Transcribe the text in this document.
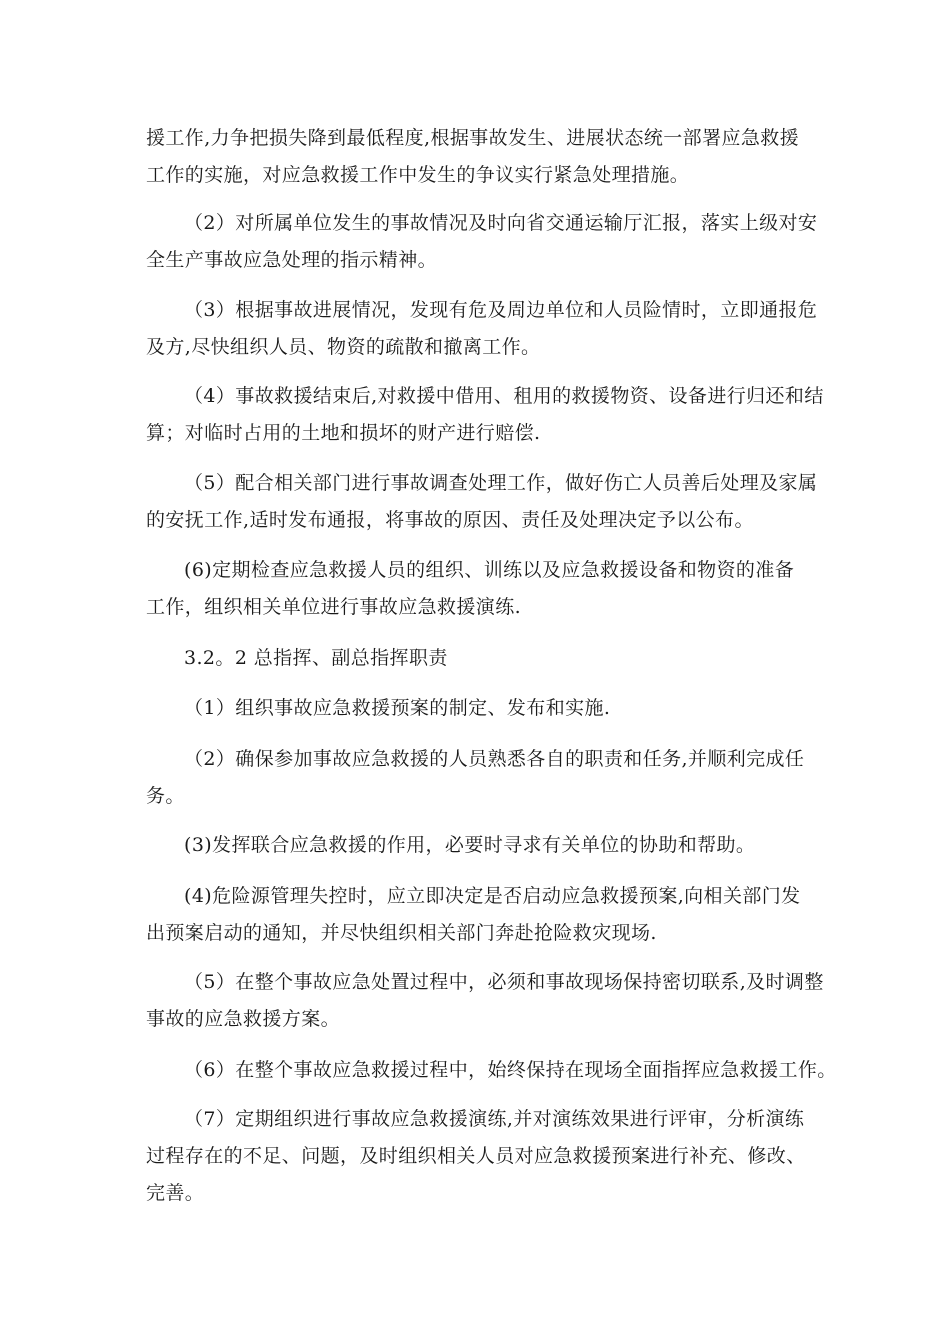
援工作,力争把损失降到最低程度,根据事故发生、进展状态统一部署应急救援
工作的实施，对应急救援工作中发生的争议实行紧急处理措施。

（2）对所属单位发生的事故情况及时向省交通运输厅汇报，落实上级对安
全生产事故应急处理的指示精神。

（3）根据事故进展情况，发现有危及周边单位和人员险情时，立即通报危
及方,尽快组织人员、物资的疏散和撤离工作。

（4）事故救援结束后,对救援中借用、租用的救援物资、设备进行归还和结
算；对临时占用的土地和损坏的财产进行赔偿.

（5）配合相关部门进行事故调查处理工作，做好伤亡人员善后处理及家属
的安抚工作,适时发布通报，将事故的原因、责任及处理决定予以公布。

(6)定期检查应急救援人员的组织、训练以及应急救援设备和物资的准备
工作，组织相关单位进行事故应急救援演练.

3.2。2 总指挥、副总指挥职责

（1）组织事故应急救援预案的制定、发布和实施.

（2）确保参加事故应急救援的人员熟悉各自的职责和任务,并顺利完成任
务。

(3)发挥联合应急救援的作用，必要时寻求有关单位的协助和帮助。

(4)危险源管理失控时，应立即决定是否启动应急救援预案,向相关部门发
出预案启动的通知，并尽快组织相关部门奔赴抢险救灾现场.

（5）在整个事故应急处置过程中，必须和事故现场保持密切联系,及时调整
事故的应急救援方案。

（6）在整个事故应急救援过程中，始终保持在现场全面指挥应急救援工作。

（7）定期组织进行事故应急救援演练,并对演练效果进行评审，分析演练
过程存在的不足、问题，及时组织相关人员对应急救援预案进行补充、修改、
完善。
